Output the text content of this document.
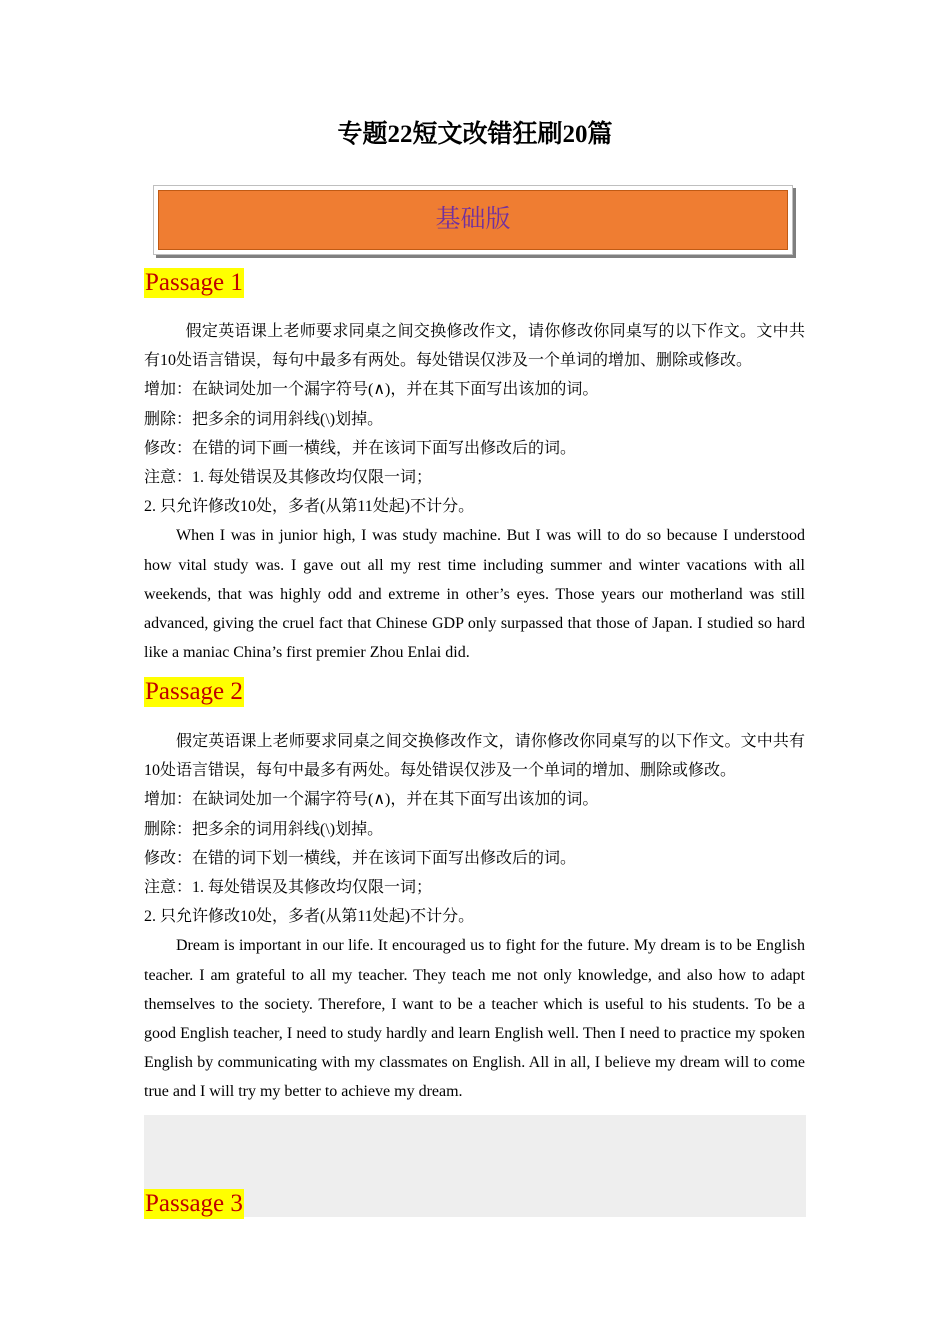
专题22短文改错狂刷20篇
基础版
Passage 1

假定英语课上老师要求同桌之间交换修改作文，请你修改你同桌写的以下作文。文中共有10处语言错误，每句中最多有两处。每处错误仅涉及一个单词的增加、删除或修改。

增加：在缺词处加一个漏字符号(∧)，并在其下面写出该加的词。

删除：把多余的词用斜线(\)划掉。

修改：在错的词下画一横线，并在该词下面写出修改后的词。

注意：1. 每处错误及其修改均仅限一词；

2. 只允许修改10处，多者(从第11处起)不计分。

When I was in junior high, I was study machine. But I was will to do so because I understood how vital study was. I gave out all my rest time including summer and winter vacations with all weekends, that was highly odd and extreme in other’s eyes. Those years our motherland was still advanced, giving the cruel fact that Chinese GDP only surpassed that those of Japan. I studied so hard like a maniac China’s first premier Zhou Enlai did.

Passage 2

假定英语课上老师要求同桌之间交换修改作文，请你修改你同桌写的以下作文。文中共有10处语言错误，每句中最多有两处。每处错误仅涉及一个单词的增加、删除或修改。

增加：在缺词处加一个漏字符号(∧)，并在其下面写出该加的词。

删除：把多余的词用斜线(\)划掉。

修改：在错的词下划一横线，并在该词下面写出修改后的词。

注意：1. 每处错误及其修改均仅限一词；

2. 只允许修改10处，多者(从第11处起)不计分。

Dream is important in our life. It encouraged us to fight for the future. My dream is to be English teacher. I am grateful to all my teacher. They teach me not only knowledge, and also how to adapt themselves to the society. Therefore, I want to be a teacher which is useful to his students. To be a good English teacher, I need to study hardly and learn English well. Then I need to practice my spoken English by communicating with my classmates on English. All in all, I believe my dream will to come true and I will try my better to achieve my dream.

Passage 3
